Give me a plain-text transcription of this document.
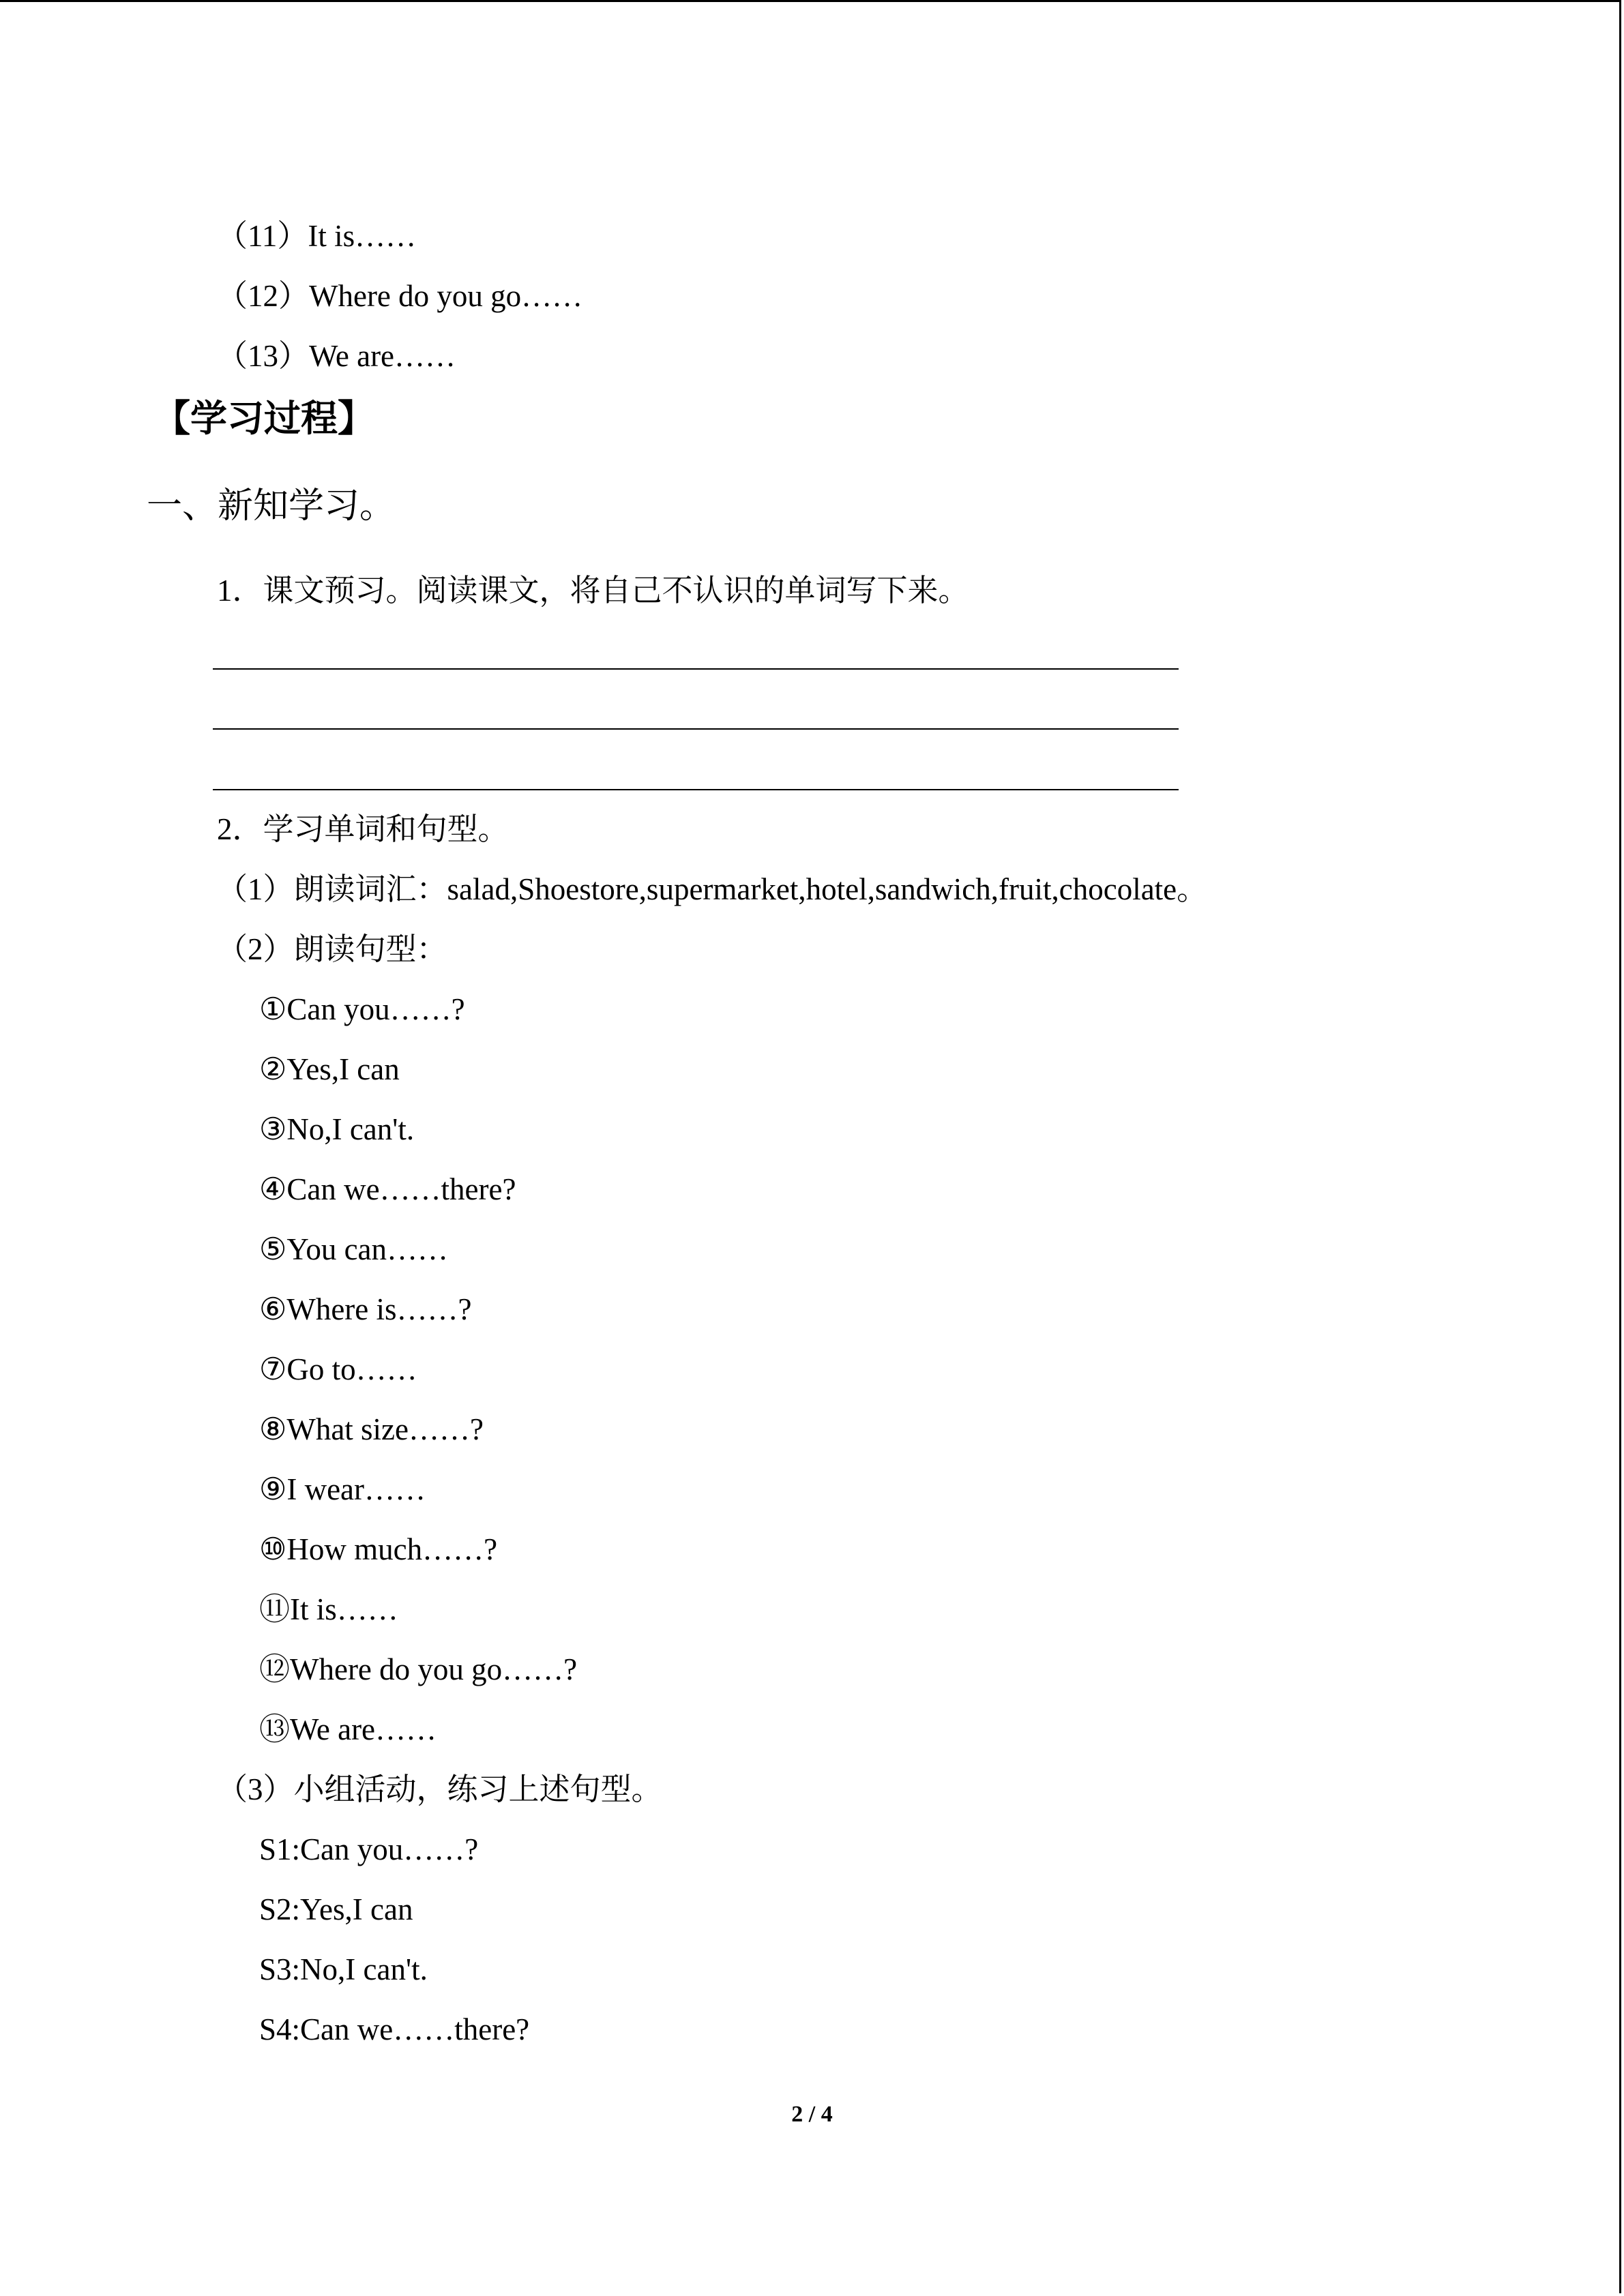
（11）It is……
（12）Where do you go……
（13）We are……
【学习过程】
一、新知学习。
1．课文预习。阅读课文，将自己不认识的单词写下来。
2．学习单词和句型。
（1）朗读词汇：salad,Shoestore,supermarket,hotel,sandwich,fruit,chocolate。
（2）朗读句型：
①Can you……?
②Yes,I can
③No,I can't.
④Can we……there?
⑤You can……
⑥Where is……?
⑦Go to……
⑧What size……?
⑨I wear……
⑩How much……?
⑪It is……
⑫Where do you go……?
⑬We are……
（3）小组活动，练习上述句型。
S1:Can you……?
S2:Yes,I can
S3:No,I can't.
S4:Can we……there?
2 / 4
